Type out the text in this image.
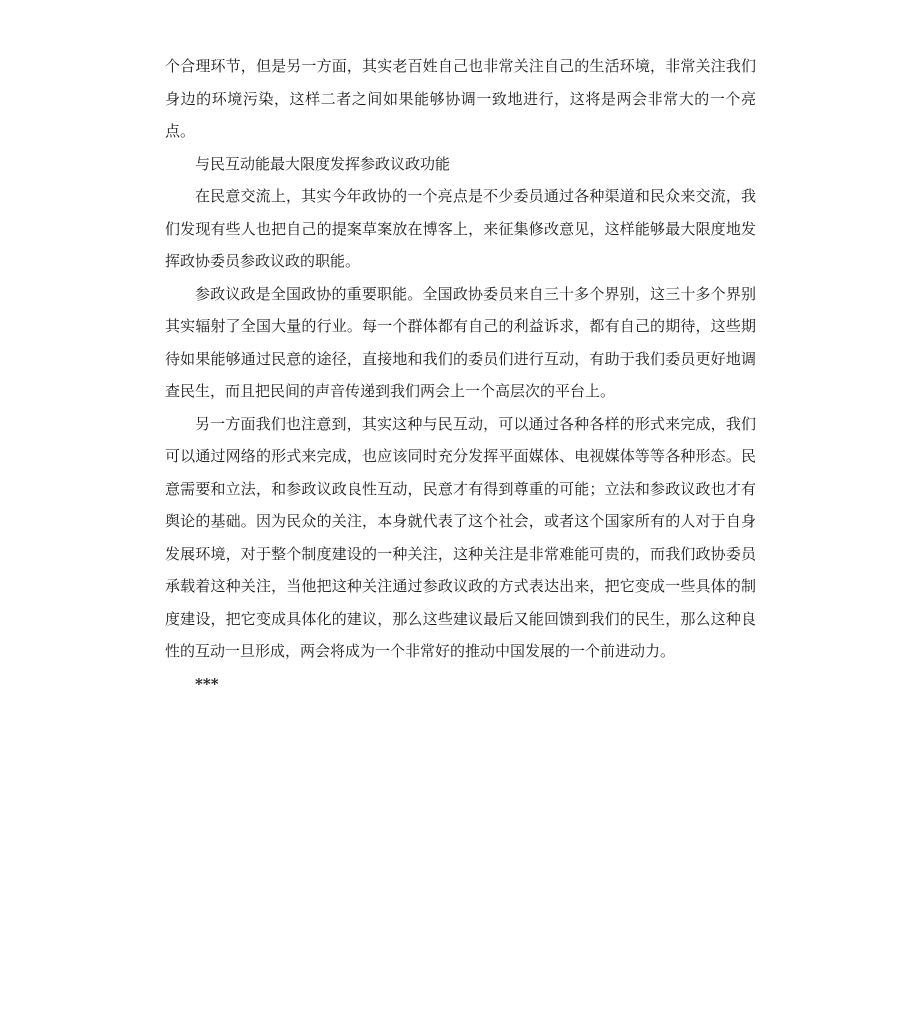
个合理环节，但是另一方面，其实老百姓自己也非常关注自己的生活环境，非常关注我们身边的环境污染，这样二者之间如果能够协调一致地进行，这将是两会非常大的一个亮点。

与民互动能最大限度发挥参政议政功能

在民意交流上，其实今年政协的一个亮点是不少委员通过各种渠道和民众来交流，我们发现有些人也把自己的提案草案放在博客上，来征集修改意见，这样能够最大限度地发挥政协委员参政议政的职能。

参政议政是全国政协的重要职能。全国政协委员来自三十多个界别，这三十多个界别其实辐射了全国大量的行业。每一个群体都有自己的利益诉求，都有自己的期待，这些期待如果能够通过民意的途径，直接地和我们的委员们进行互动，有助于我们委员更好地调查民生，而且把民间的声音传递到我们两会上一个高层次的平台上。

另一方面我们也注意到，其实这种与民互动，可以通过各种各样的形式来完成，我们可以通过网络的形式来完成，也应该同时充分发挥平面媒体、电视媒体等等各种形态。民意需要和立法，和参政议政良性互动，民意才有得到尊重的可能；立法和参政议政也才有舆论的基础。因为民众的关注，本身就代表了这个社会，或者这个国家所有的人对于自身发展环境，对于整个制度建设的一种关注，这种关注是非常难能可贵的，而我们政协委员承载着这种关注，当他把这种关注通过参政议政的方式表达出来，把它变成一些具体的制度建设，把它变成具体化的建议，那么这些建议最后又能回馈到我们的民生，那么这种良性的互动一旦形成，两会将成为一个非常好的推动中国发展的一个前进动力。

***
